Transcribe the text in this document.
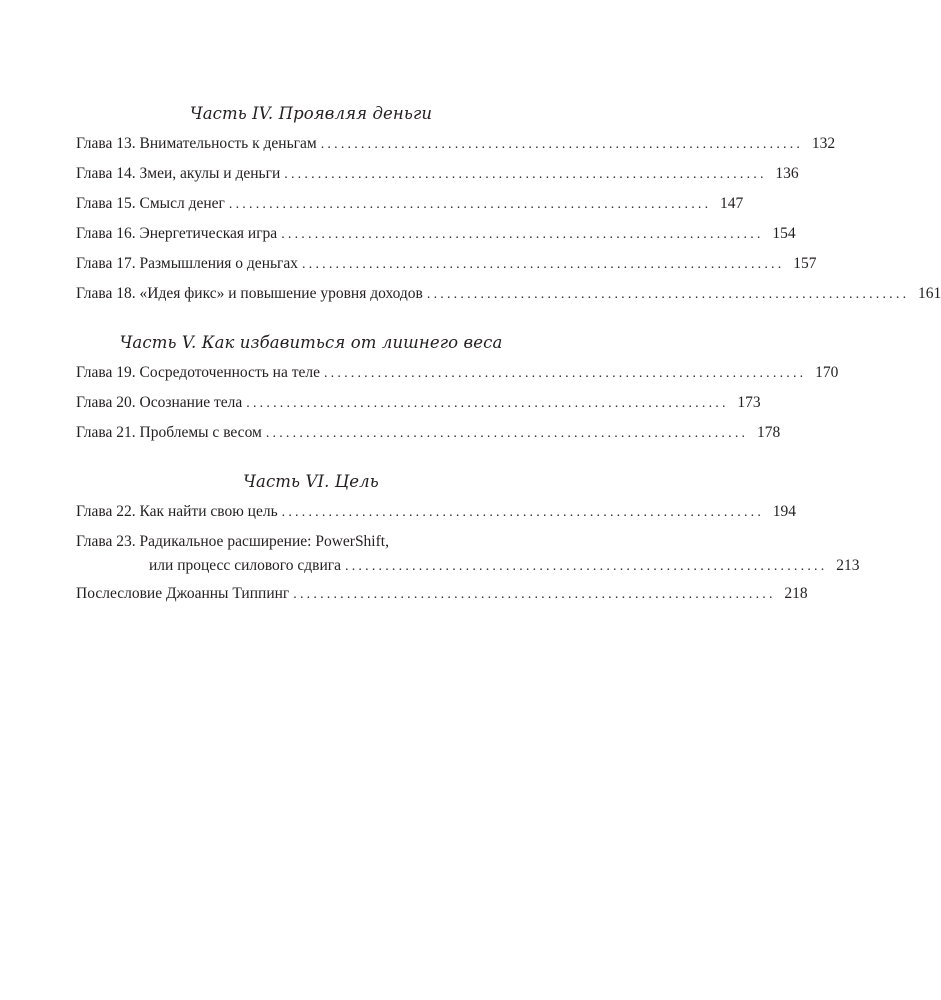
Часть IV. Проявляя деньги
Глава 13. Внимательность к деньгам ........................................................................ 132
Глава 14. Змеи, акулы и деньги ........................................................................ 136
Глава 15. Смысл денег ........................................................................ 147
Глава 16. Энергетическая игра ........................................................................ 154
Глава 17. Размышления о деньгах ........................................................................ 157
Глава 18. «Идея фикс» и повышение уровня доходов ........................................................................ 161
Часть V. Как избавиться от лишнего веса
Глава 19. Сосредоточенность на теле ........................................................................ 170
Глава 20. Осознание тела ........................................................................ 173
Глава 21. Проблемы с весом ........................................................................ 178
Часть VI. Цель
Глава 22. Как найти свою цель ........................................................................ 194
Глава 23. Радикальное расширение: PowerShift,
или процесс силового сдвига ........................................................................ 213
Послесловие Джоанны Типпинг ........................................................................ 218
